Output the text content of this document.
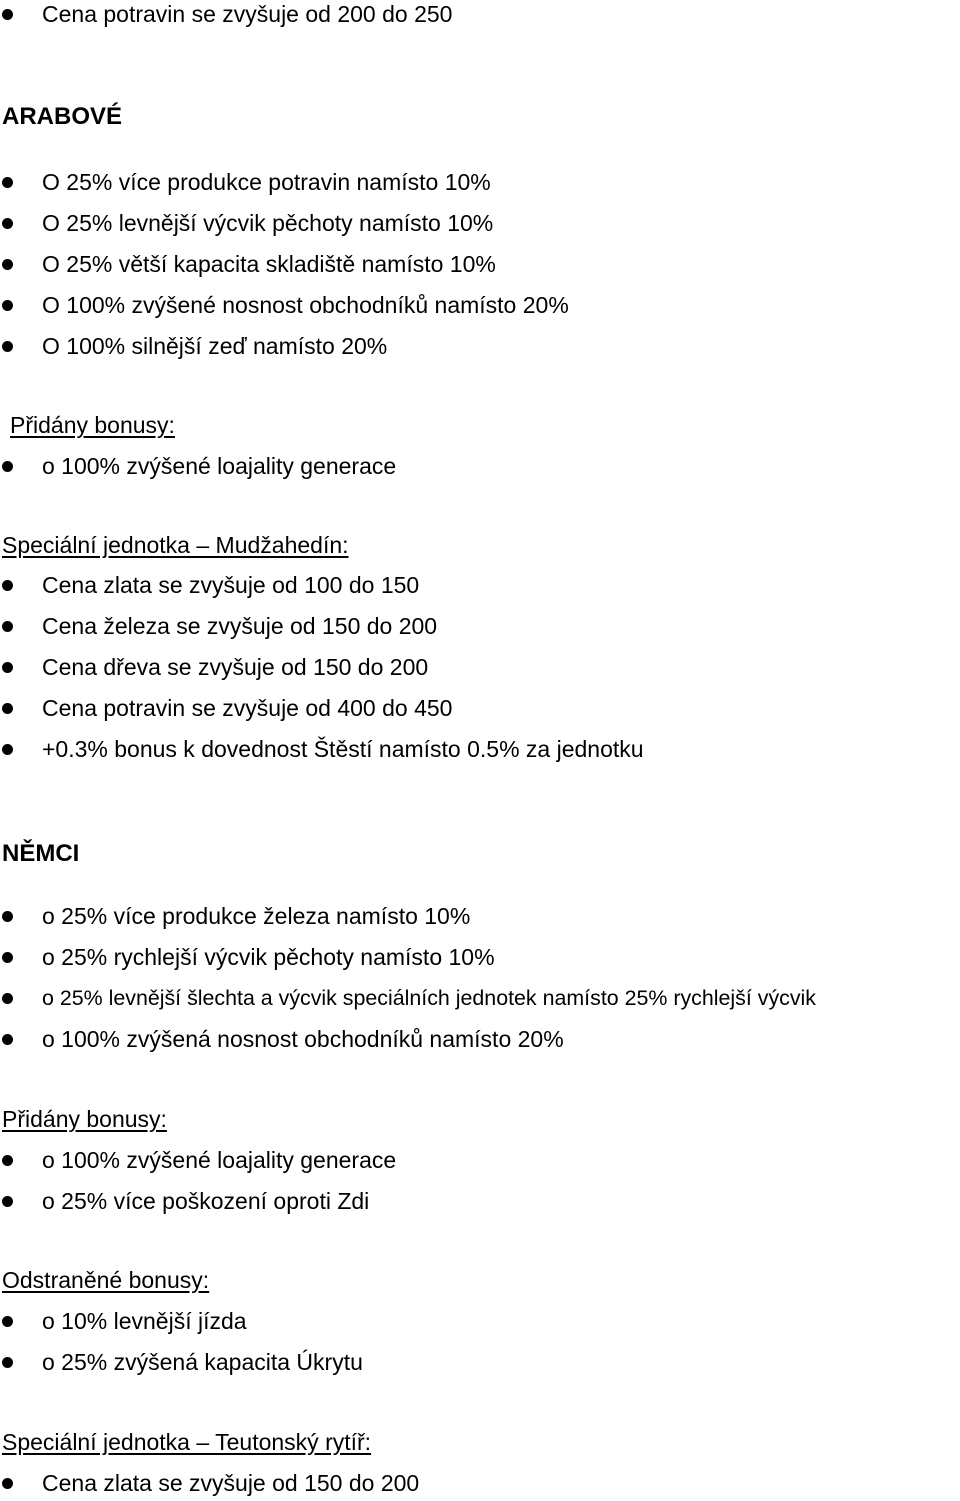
Cena potravin se zvyšuje od 200 do 250
ARABOVÉ
O 25% více produkce potravin namísto 10%
O 25% levnější výcvik pěchoty namísto 10%
O 25% větší kapacita skladiště namísto 10%
O 100% zvýšené nosnost obchodníků namísto 20%
O 100% silnější zeď namísto 20%
Přidány bonusy:
o 100% zvýšené loajality generace
Speciální jednotka – Mudžahedín:
Cena zlata se zvyšuje od 100 do 150
Cena železa se zvyšuje od 150 do 200
Cena dřeva se zvyšuje od 150 do 200
Cena potravin se zvyšuje od 400 do 450
+0.3% bonus k dovednost Štěstí namísto 0.5% za jednotku
NĚMCI
o 25% více produkce železa namísto 10%
o 25% rychlejší výcvik pěchoty namísto 10%
o 25% levnější šlechta a výcvik speciálních jednotek namísto 25% rychlejší výcvik
o 100% zvýšená nosnost obchodníků namísto 20%
Přidány bonusy:
o 100% zvýšené loajality generace
o 25% více poškození oproti Zdi
Odstraněné bonusy:
o 10% levnější jízda
o 25% zvýšená kapacita Úkrytu
Speciální jednotka – Teutonský rytíř:
Cena zlata se zvyšuje od 150 do 200
